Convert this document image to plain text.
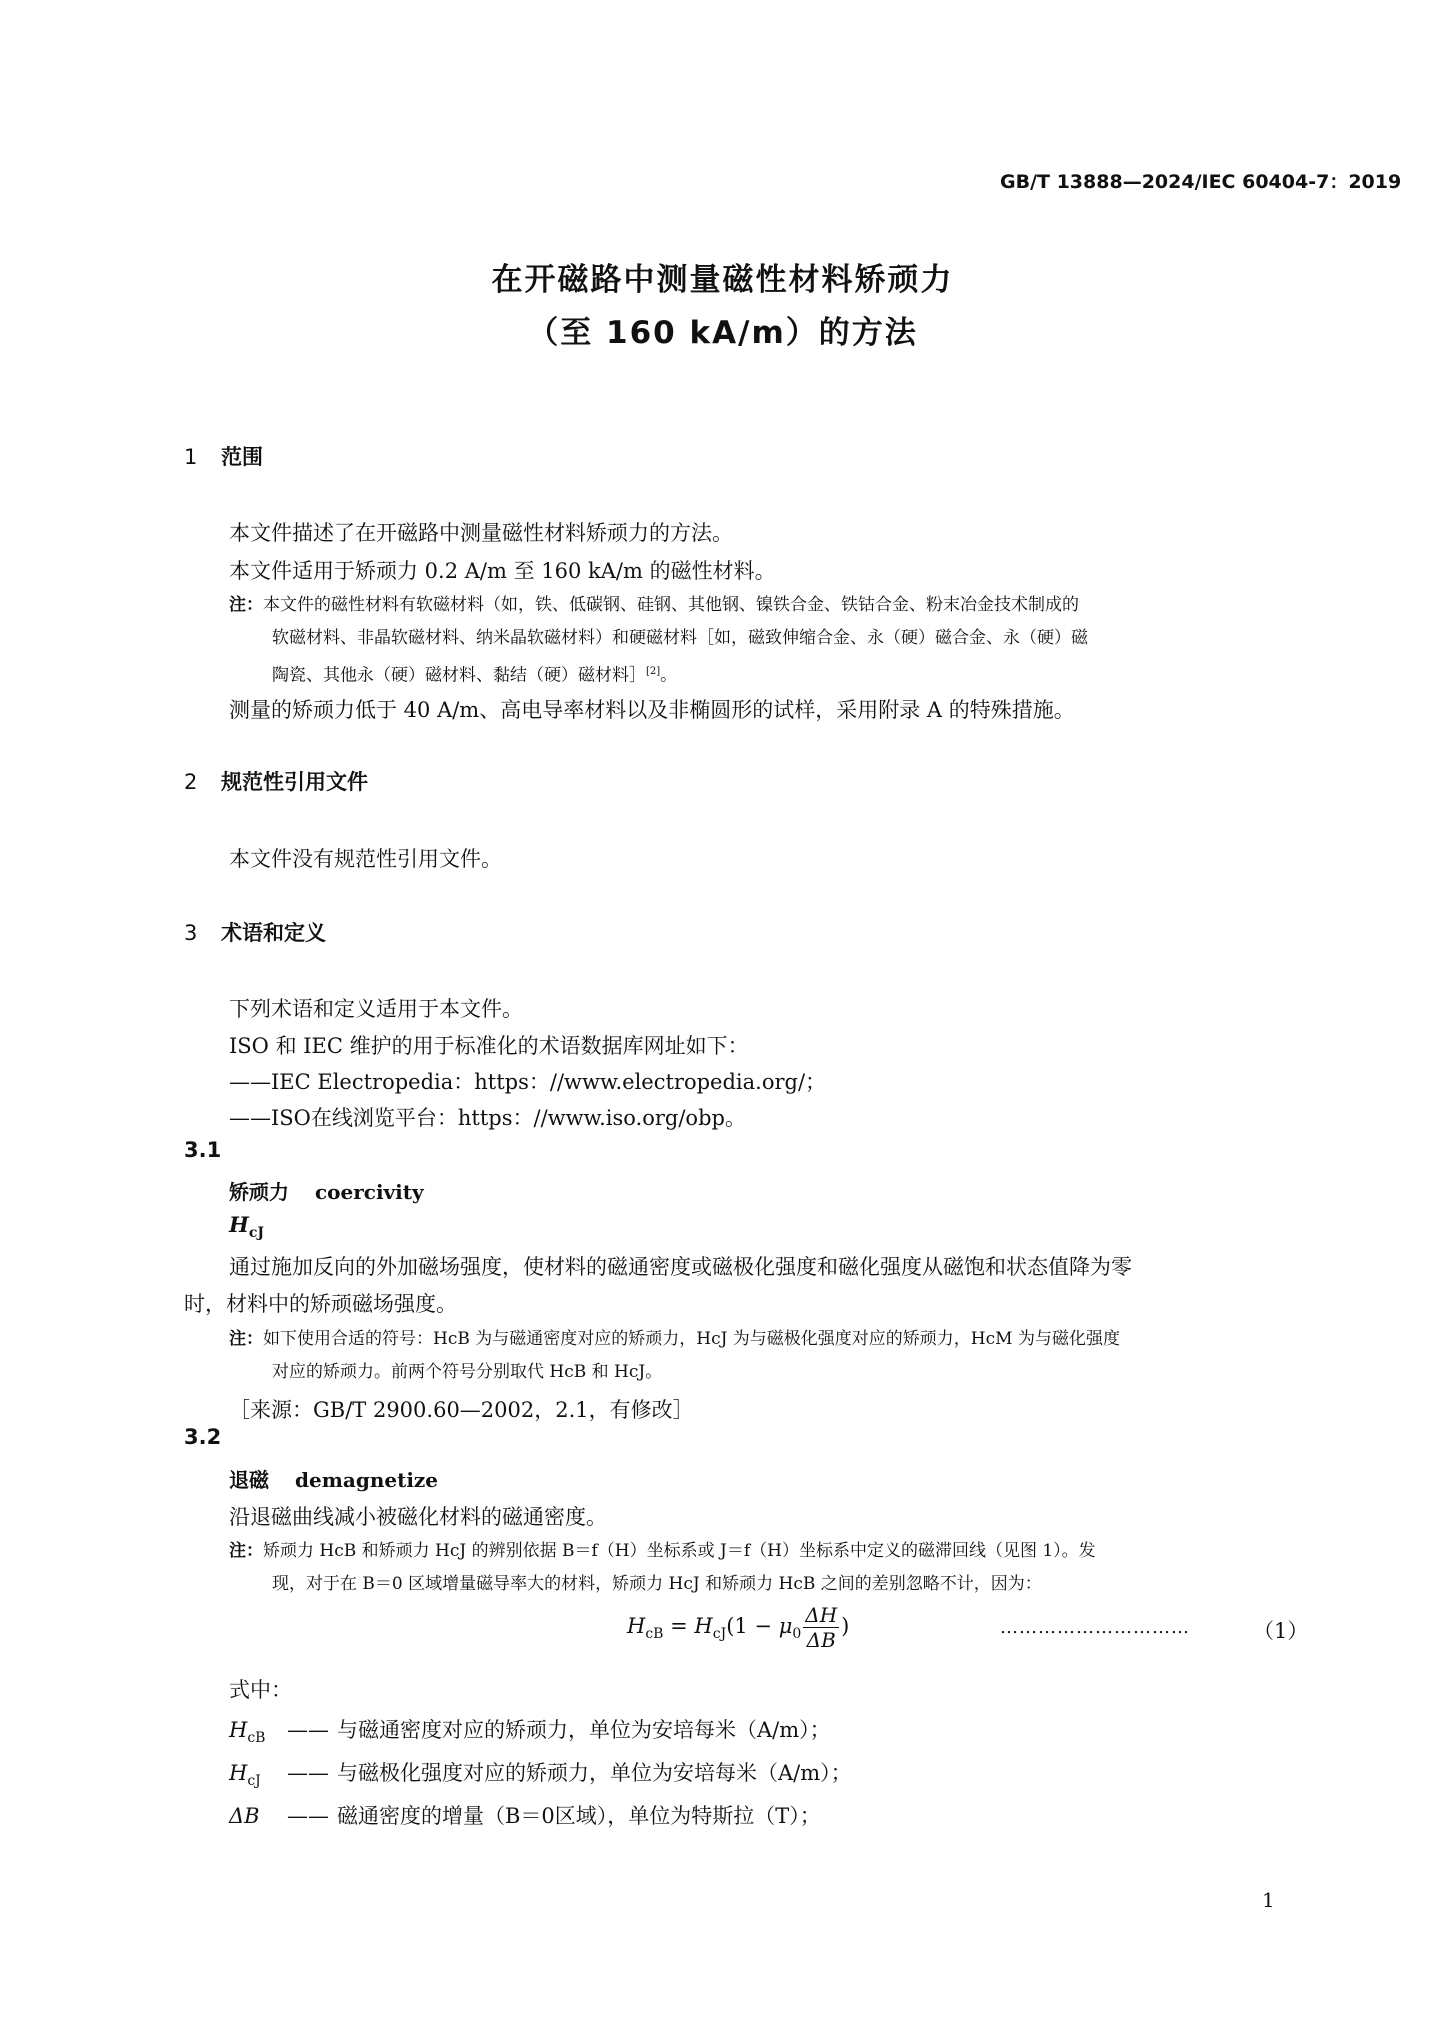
GB/T 13888—2024/IEC 60404-7：2019
在开磁路中测量磁性材料矫顽力
（至 160 kA/m）的方法
1 范围
本文件描述了在开磁路中测量磁性材料矫顽力的方法。
本文件适用于矫顽力 0.2 A/m 至 160 kA/m 的磁性材料。
注：本文件的磁性材料有软磁材料（如，铁、低碳钢、硅钢、其他钢、镍铁合金、铁钴合金、粉末冶金技术制成的
软磁材料、非晶软磁材料、纳米晶软磁材料）和硬磁材料［如，磁致伸缩合金、永（硬）磁合金、永（硬）磁
陶瓷、其他永（硬）磁材料、黏结（硬）磁材料］[2]。
测量的矫顽力低于 40 A/m、高电导率材料以及非椭圆形的试样，采用附录 A 的特殊措施。
2 规范性引用文件
本文件没有规范性引用文件。
3 术语和定义
下列术语和定义适用于本文件。
ISO 和 IEC 维护的用于标准化的术语数据库网址如下：
——IEC Electropedia：https：//www.electropedia.org/；
——ISO在线浏览平台：https：//www.iso.org/obp。
3.1
矫顽力 coercivity
$H_{cJ}$
通过施加反向的外加磁场强度，使材料的磁通密度或磁极化强度和磁化强度从磁饱和状态值降为零
时，材料中的矫顽磁场强度。
注：如下使用合适的符号：HcB 为与磁通密度对应的矫顽力，HcJ 为与磁极化强度对应的矫顽力，HcM 为与磁化强度
对应的矫顽力。前两个符号分别取代 HcB 和 HcJ。
［来源：GB/T 2900.60—2002，2.1，有修改］
3.2
退磁 demagnetize
沿退磁曲线减小被磁化材料的磁通密度。
注：矫顽力 HcB 和矫顽力 HcJ 的辨别依据 B＝f（H）坐标系或 J＝f（H）坐标系中定义的磁滞回线（见图 1）。发
现，对于在 B＝0 区域增量磁导率大的材料，矫顽力 HcJ 和矫顽力 HcB 之间的差别忽略不计，因为：
$H_{cB} = H_{cJ}(1 - \mu_0 \frac{\Delta H}{\Delta B}$ )	…………………………	（1）
式中：
$H_{cB}$ —— 与磁通密度对应的矫顽力，单位为安培每米（A/m）；
$H_{cJ}$ —— 与磁极化强度对应的矫顽力，单位为安培每米（A/m）；
ΔB —— 磁通密度的增量（B＝0区域），单位为特斯拉（T）；
1
